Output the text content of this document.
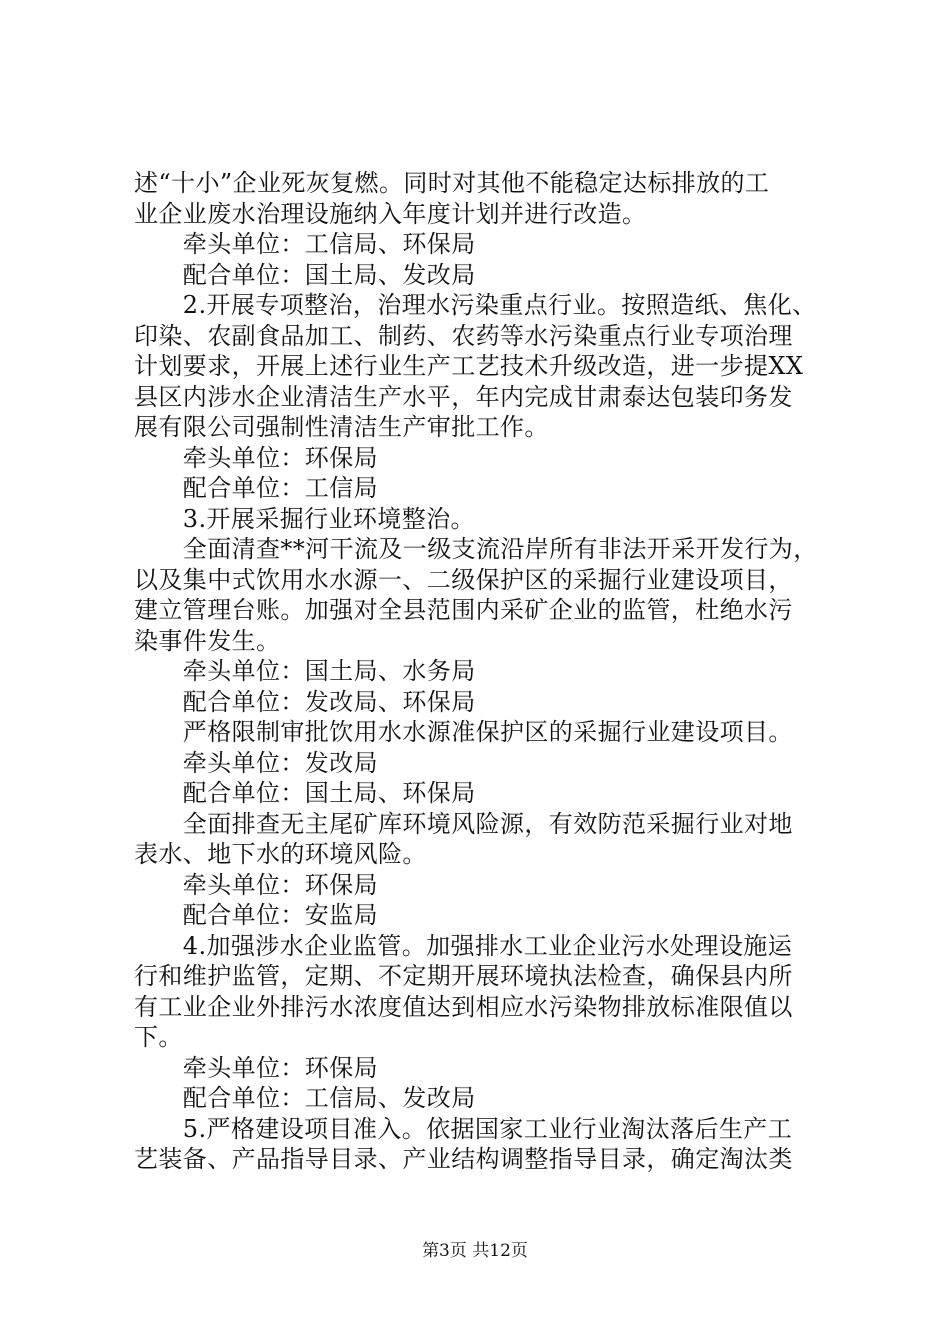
述“十小”企业死灰复燃。同时对其他不能稳定达标排放的工
业企业废水治理设施纳入年度计划并进行改造。
　　牵头单位：工信局、环保局
　　配合单位：国土局、发改局
　　2.开展专项整治，治理水污染重点行业。按照造纸、焦化、
印染、农副食品加工、制药、农药等水污染重点行业专项治理
计划要求，开展上述行业生产工艺技术升级改造，进一步提XX
县区内涉水企业清洁生产水平，年内完成甘肃泰达包装印务发
展有限公司强制性清洁生产审批工作。
　　牵头单位：环保局
　　配合单位：工信局
　　3.开展采掘行业环境整治。
　　全面清查**河干流及一级支流沿岸所有非法开采开发行为，
以及集中式饮用水水源一、二级保护区的采掘行业建设项目，
建立管理台账。加强对全县范围内采矿企业的监管，杜绝水污
染事件发生。
　　牵头单位：国土局、水务局
　　配合单位：发改局、环保局
　　严格限制审批饮用水水源准保护区的采掘行业建设项目。
　　牵头单位：发改局
　　配合单位：国土局、环保局
　　全面排查无主尾矿库环境风险源，有效防范采掘行业对地
表水、地下水的环境风险。
　　牵头单位：环保局
　　配合单位：安监局
　　4.加强涉水企业监管。加强排水工业企业污水处理设施运
行和维护监管，定期、不定期开展环境执法检查，确保县内所
有工业企业外排污水浓度值达到相应水污染物排放标准限值以
下。
　　牵头单位：环保局
　　配合单位：工信局、发改局
　　5.严格建设项目准入。依据国家工业行业淘汰落后生产工
艺装备、产品指导目录、产业结构调整指导目录，确定淘汰类
第3页 共12页
